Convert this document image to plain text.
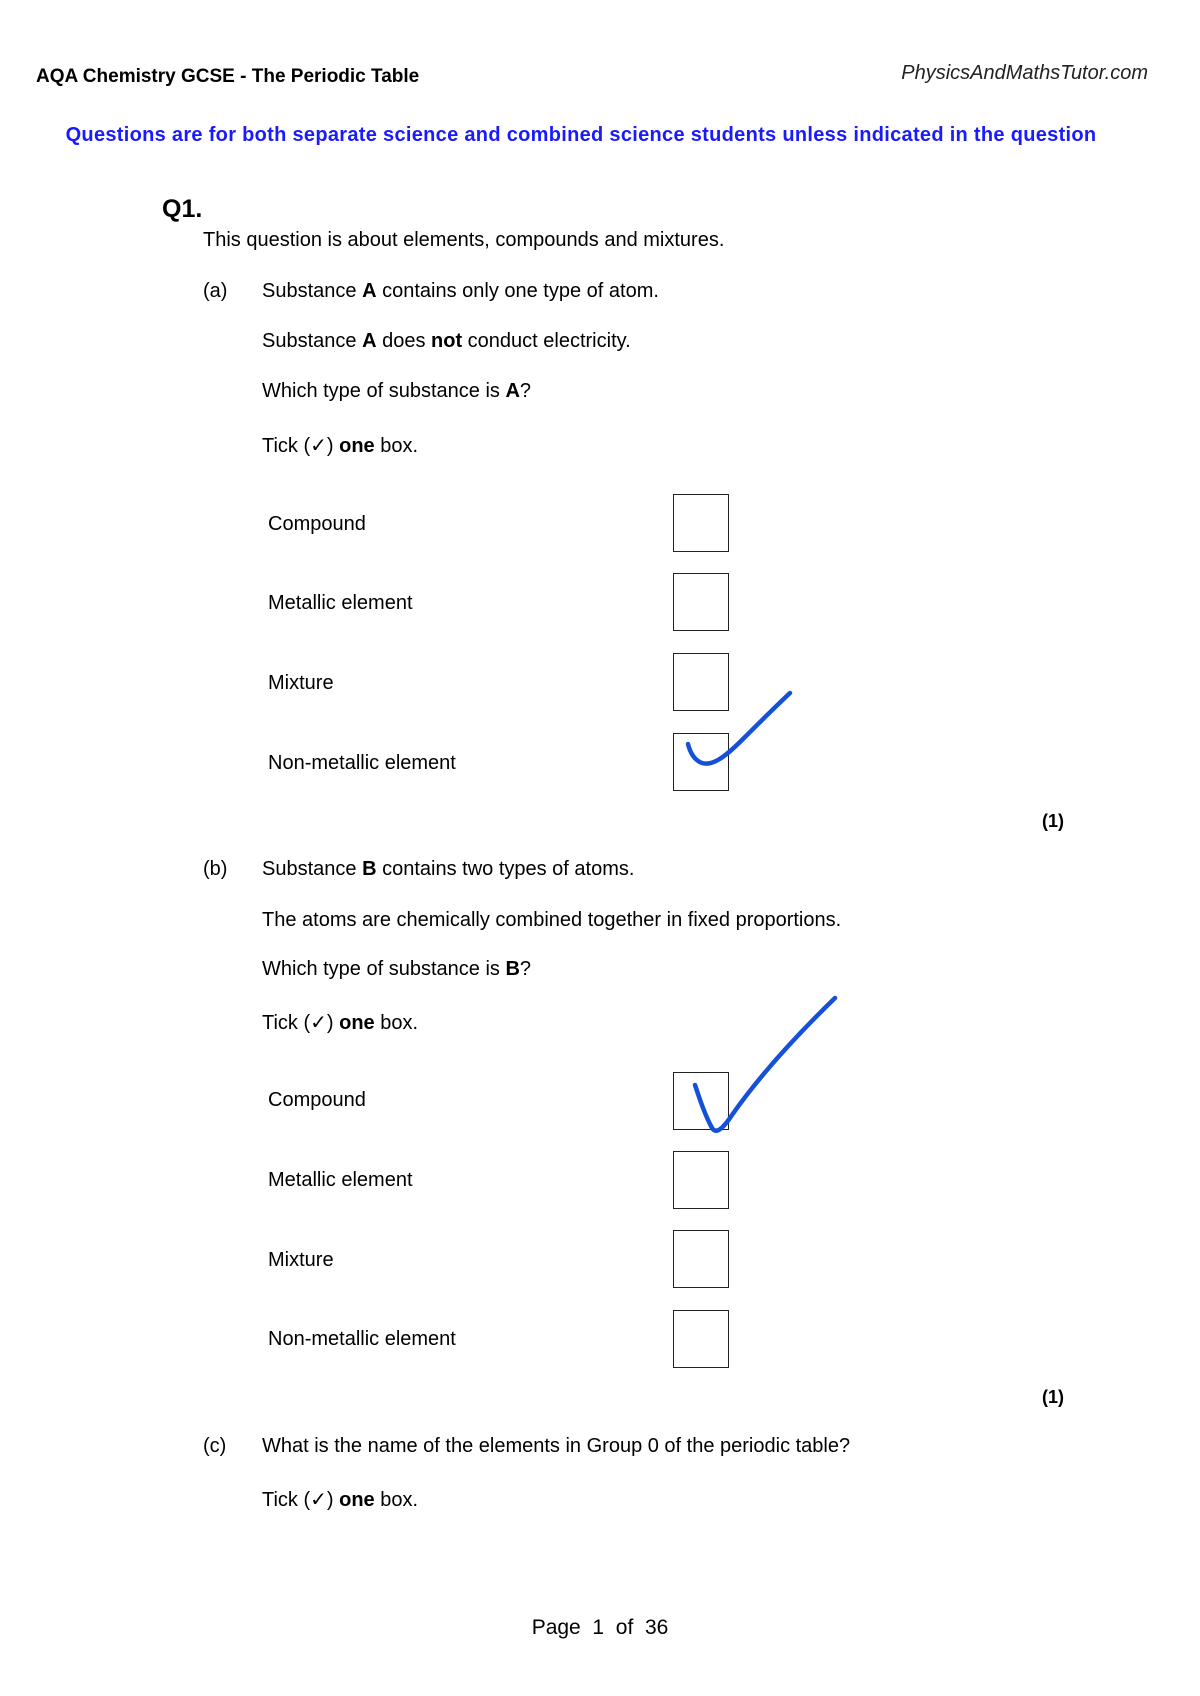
AQA Chemistry GCSE - The Periodic Table	PhysicsAndMathsTutor.com
Questions are for both separate science and combined science students unless indicated in the question
Q1.
This question is about elements, compounds and mixtures.
(a) Substance A contains only one type of atom.
Substance A does not conduct electricity.
Which type of substance is A?
Tick (✓) one box.
Compound
Metallic element
Mixture
Non-metallic element
(1)
(b) Substance B contains two types of atoms.
The atoms are chemically combined together in fixed proportions.
Which type of substance is B?
Tick (✓) one box.
Compound
Metallic element
Mixture
Non-metallic element
(1)
(c) What is the name of the elements in Group 0 of the periodic table?
Tick (✓) one box.
Page 1 of 36
